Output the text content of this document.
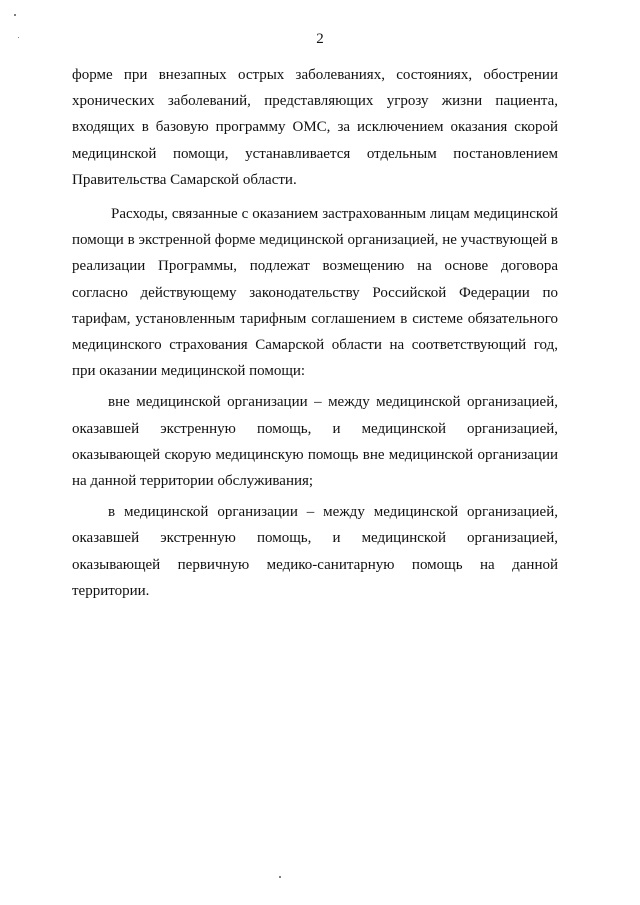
2

форме при внезапных острых заболеваниях, состояниях, обострении хронических заболеваний, представляющих угрозу жизни пациента, входящих в базовую программу ОМС, за исключением оказания скорой медицинской помощи, устанавливается отдельным постановлением Правительства Самарской области.

Расходы, связанные с оказанием застрахованным лицам медицинской помощи в экстренной форме медицинской организацией, не участвующей в реализации Программы, подлежат возмещению на основе договора согласно действующему законодательству Российской Федерации по тарифам, установленным тарифным соглашением в системе обязательного медицинского страхования Самарской области на соответствующий год, при оказании медицинской помощи:

вне медицинской организации – между медицинской организацией, оказавшей экстренную помощь, и медицинской организацией, оказывающей скорую медицинскую помощь вне медицинской организации на данной территории обслуживания;

в медицинской организации – между медицинской организацией, оказавшей экстренную помощь, и медицинской организацией, оказывающей первичную медико-санитарную помощь на данной территории.
